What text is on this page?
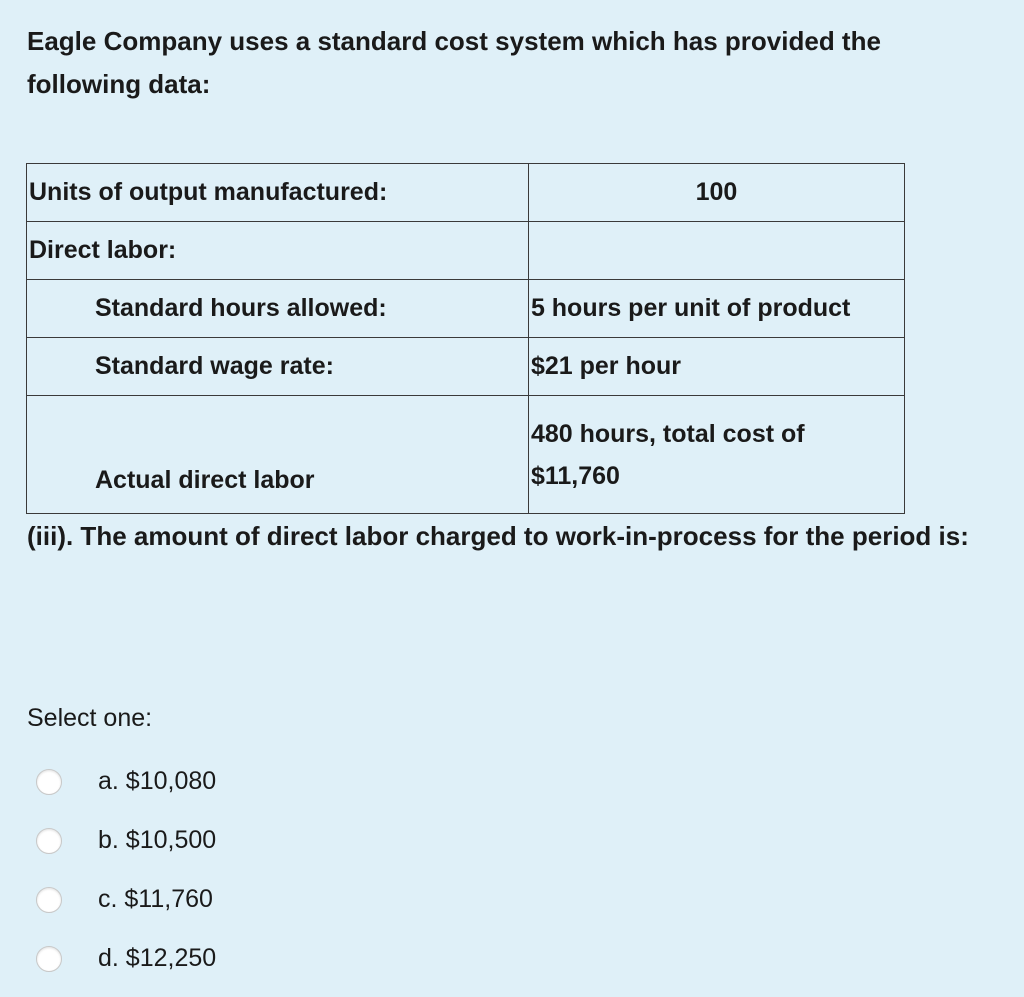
Eagle Company uses a standard cost system which has provided the following data:

Units of output manufactured:	100
Direct labor:	
Standard hours allowed:	5 hours per unit of product
Standard wage rate:	$21 per hour
Actual direct labor	480 hours, total cost of
$11,760

(iii). The amount of direct labor charged to work-in-process for the period is:

Select one:
a. $10,080
b. $10,500
c. $11,760
d. $12,250
